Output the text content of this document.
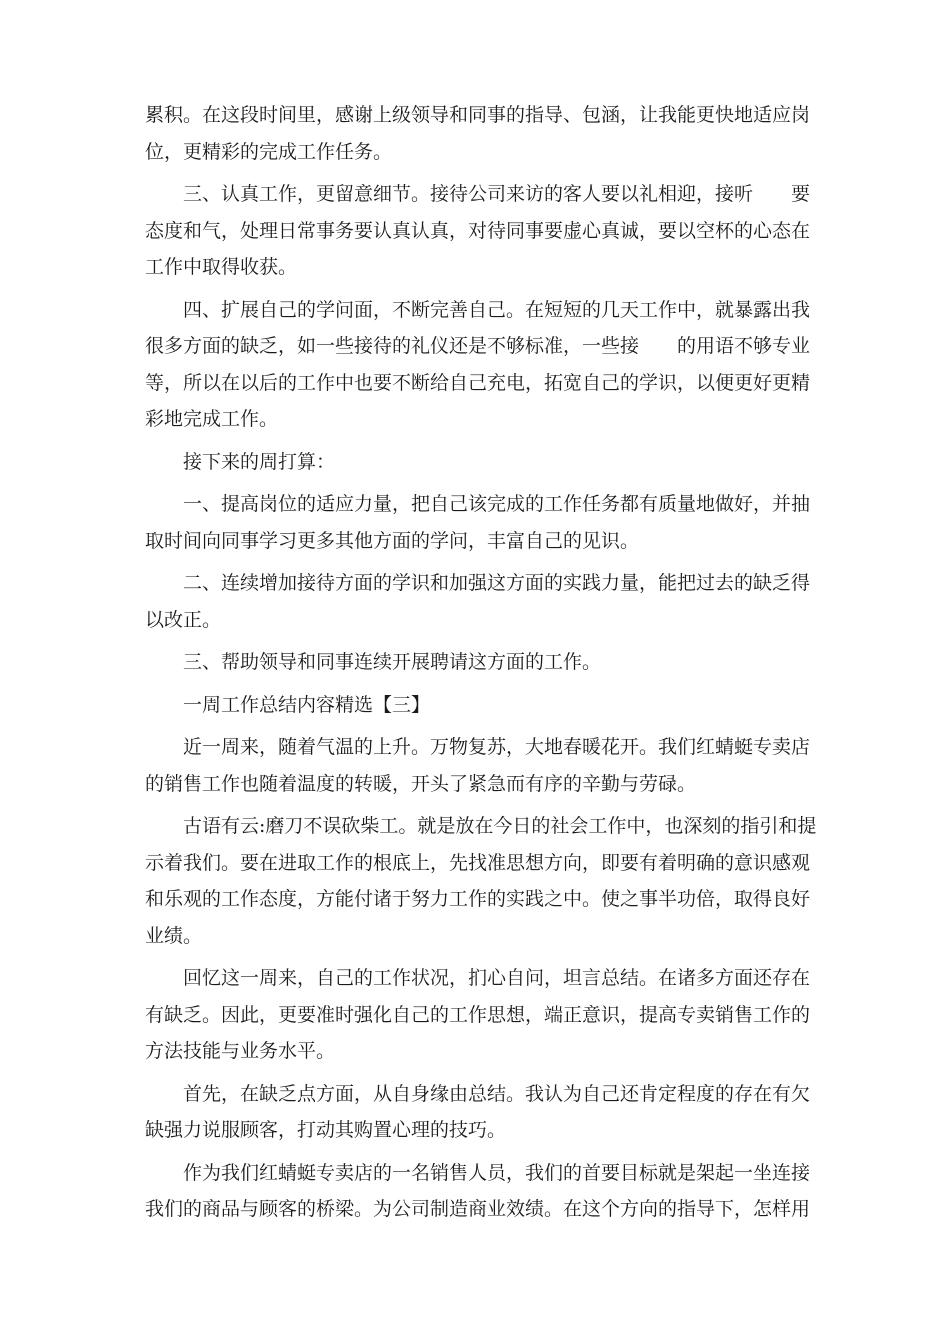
累积。在这段时间里，感谢上级领导和同事的指导、包涵，让我能更快地适应岗
位，更精彩的完成工作任务。
三、认真工作，更留意细节。接待公司来访的客人要以礼相迎，接听　　要
态度和气，处理日常事务要认真认真，对待同事要虚心真诚，要以空杯的心态在
工作中取得收获。
四、扩展自己的学问面，不断完善自己。在短短的几天工作中，就暴露出我
很多方面的缺乏，如一些接待的礼仪还是不够标准，一些接　　的用语不够专业
等，所以在以后的工作中也要不断给自己充电，拓宽自己的学识，以便更好更精
彩地完成工作。
接下来的周打算：
一、提高岗位的适应力量，把自己该完成的工作任务都有质量地做好，并抽
取时间向同事学习更多其他方面的学问，丰富自己的见识。
二、连续增加接待方面的学识和加强这方面的实践力量，能把过去的缺乏得
以改正。
三、帮助领导和同事连续开展聘请这方面的工作。
一周工作总结内容精选【三】
近一周来，随着气温的上升。万物复苏，大地春暖花开。我们红蜻蜓专卖店
的销售工作也随着温度的转暖，开头了紧急而有序的辛勤与劳碌。
古语有云:磨刀不误砍柴工。就是放在今日的社会工作中，也深刻的指引和提
示着我们。要在进取工作的根底上，先找准思想方向，即要有着明确的意识感观
和乐观的工作态度，方能付诸于努力工作的实践之中。使之事半功倍，取得良好
业绩。
回忆这一周来，自己的工作状况，扪心自问，坦言总结。在诸多方面还存在
有缺乏。因此，更要准时强化自己的工作思想，端正意识，提高专卖销售工作的
方法技能与业务水平。
首先，在缺乏点方面，从自身缘由总结。我认为自己还肯定程度的存在有欠
缺强力说服顾客，打动其购置心理的技巧。
作为我们红蜻蜓专卖店的一名销售人员，我们的首要目标就是架起一坐连接
我们的商品与顾客的桥梁。为公司制造商业效绩。在这个方向的指导下，怎样用
